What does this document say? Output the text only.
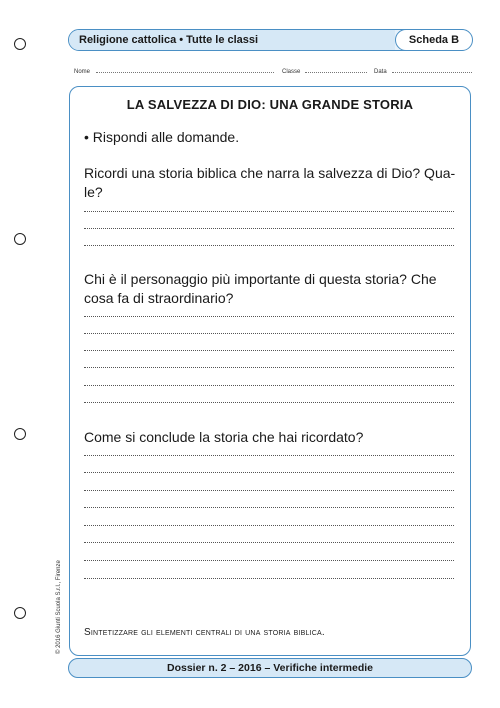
Religione cattolica • Tutte le classi	Scheda B
Nome	Classe	Data
LA SALVEZZA DI DIO: UNA GRANDE STORIA
• Rispondi alle domande.
Ricordi una storia biblica che narra la salvezza di Dio? Qua-le?
Chi è il personaggio più importante di questa storia? Che cosa fa di straordinario?
Come si conclude la storia che hai ricordato?
Sintetizzare gli elementi centrali di una storia biblica.
Dossier n. 2 – 2016 – Verifiche intermedie
© 2016 Giunti Scuola S.r.l., Firenze
